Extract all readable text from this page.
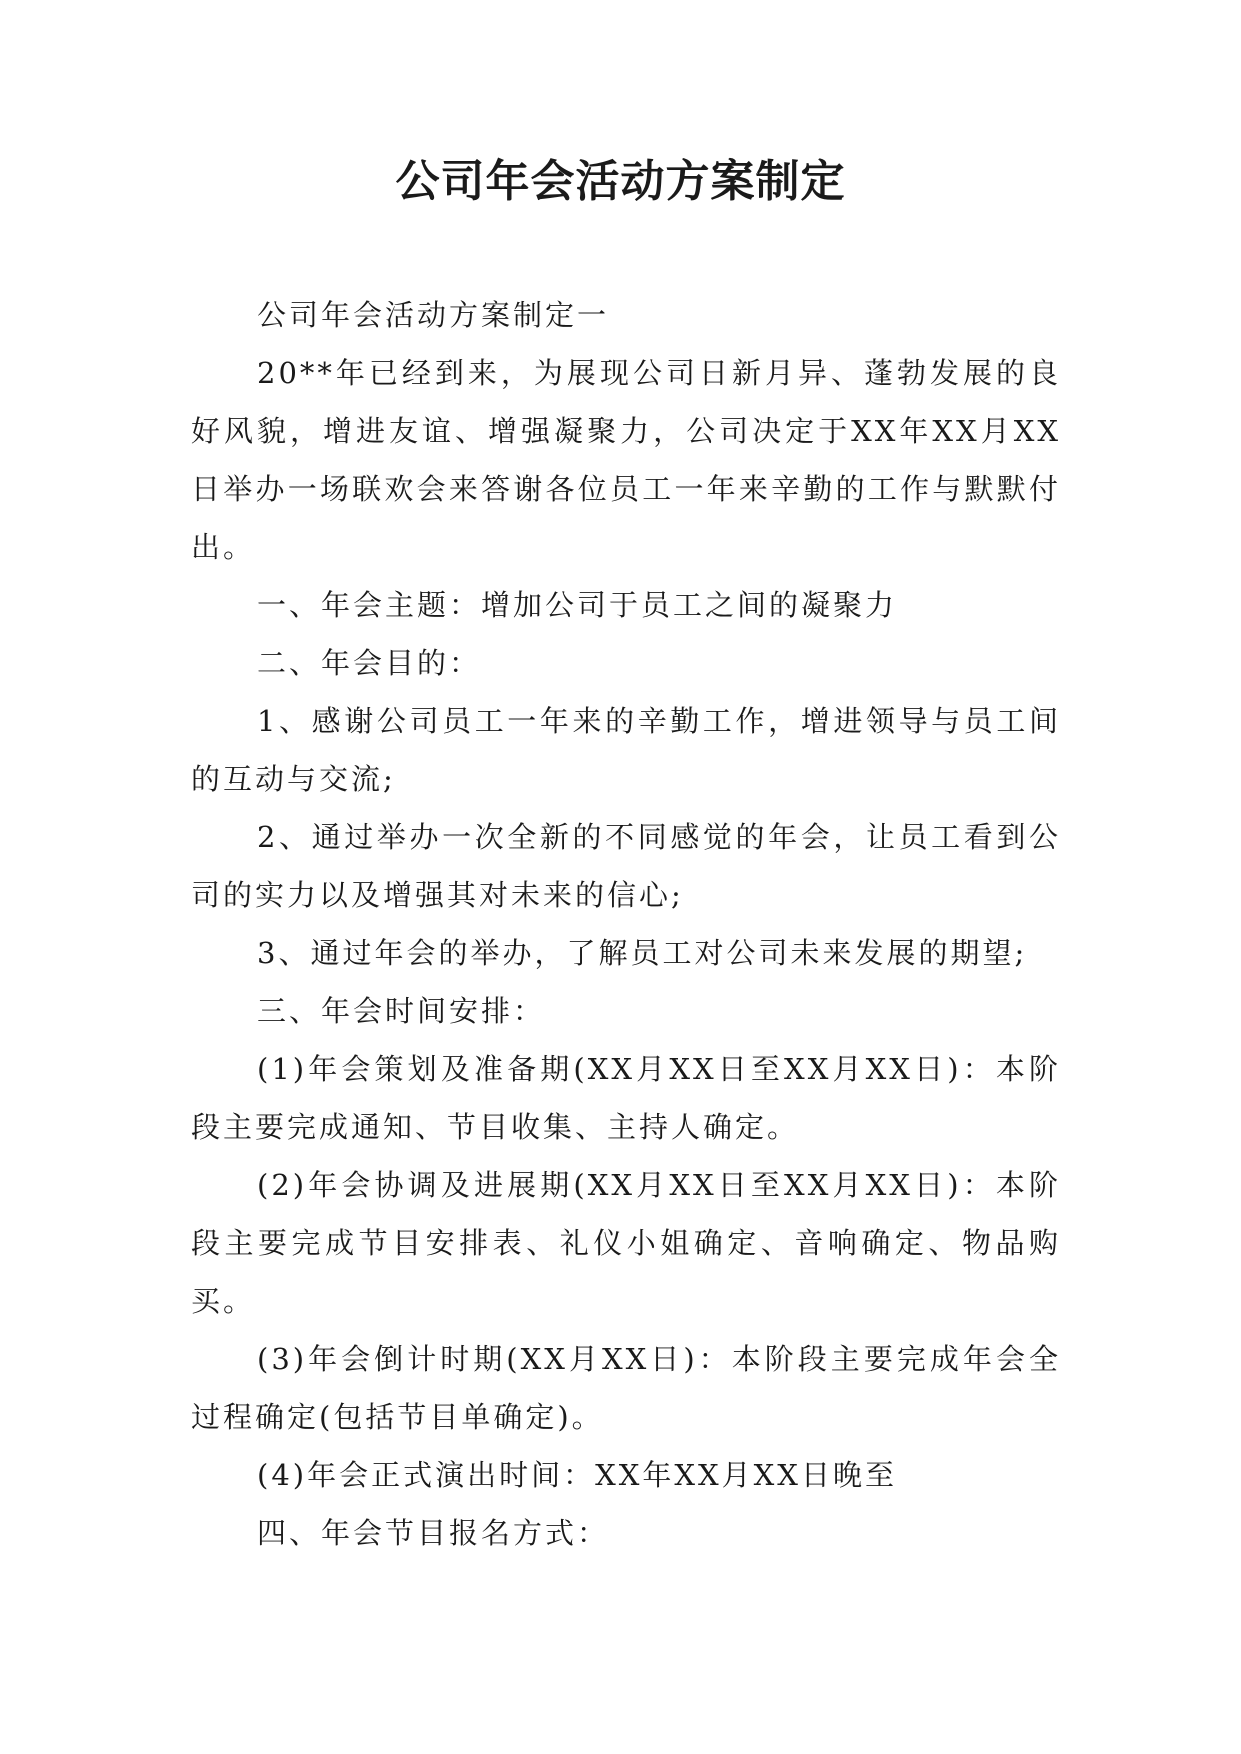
公司年会活动方案制定

公司年会活动方案制定一

20**年已经到来，为展现公司日新月异、蓬勃发展的良好风貌，增进友谊、增强凝聚力，公司决定于XX年XX月XX日举办一场联欢会来答谢各位员工一年来辛勤的工作与默默付出。

一、年会主题：增加公司于员工之间的凝聚力

二、年会目的：

1、感谢公司员工一年来的辛勤工作，增进领导与员工间的互动与交流;

2、通过举办一次全新的不同感觉的年会，让员工看到公司的实力以及增强其对未来的信心;

3、通过年会的举办，了解员工对公司未来发展的期望;

三、年会时间安排：

(1)年会策划及准备期(XX月XX日至XX月XX日)：本阶段主要完成通知、节目收集、主持人确定。

(2)年会协调及进展期(XX月XX日至XX月XX日)：本阶段主要完成节目安排表、礼仪小姐确定、音响确定、物品购买。

(3)年会倒计时期(XX月XX日)：本阶段主要完成年会全过程确定(包括节目单确定)。

(4)年会正式演出时间：XX年XX月XX日晚至

四、年会节目报名方式：
